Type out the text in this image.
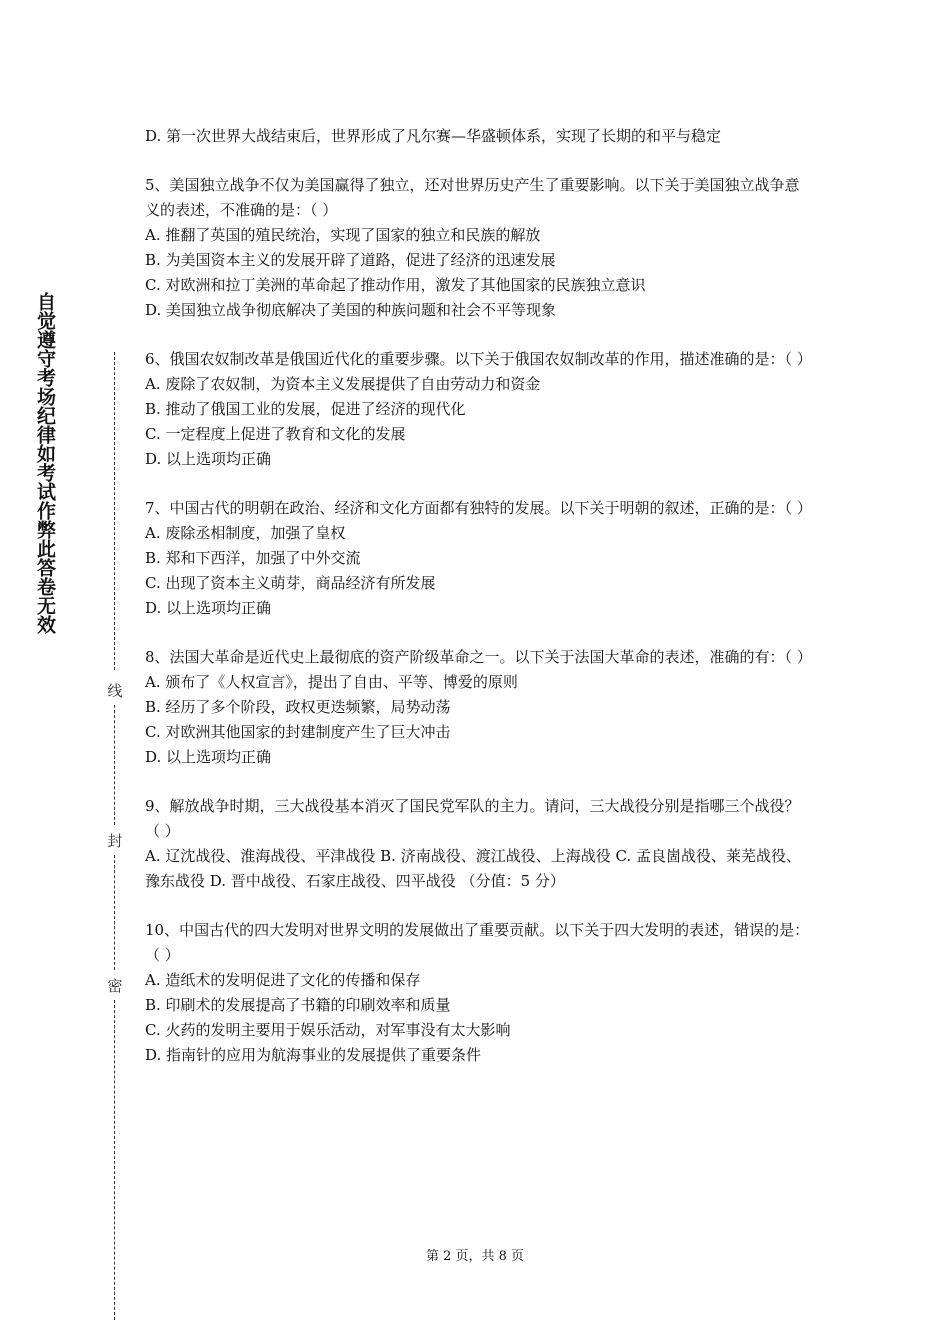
自觉遵守考场纪律如考试作弊此答卷无效
线
封
密
D. 第一次世界大战结束后，世界形成了凡尔赛—华盛顿体系，实现了长期的和平与稳定
5、美国独立战争不仅为美国赢得了独立，还对世界历史产生了重要影响。以下关于美国独立战争意义的表述，不准确的是：（ ）
A. 推翻了英国的殖民统治，实现了国家的独立和民族的解放
B. 为美国资本主义的发展开辟了道路，促进了经济的迅速发展
C. 对欧洲和拉丁美洲的革命起了推动作用，激发了其他国家的民族独立意识
D. 美国独立战争彻底解决了美国的种族问题和社会不平等现象
6、俄国农奴制改革是俄国近代化的重要步骤。以下关于俄国农奴制改革的作用，描述准确的是：（ ）
A. 废除了农奴制，为资本主义发展提供了自由劳动力和资金
B. 推动了俄国工业的发展，促进了经济的现代化
C. 一定程度上促进了教育和文化的发展
D. 以上选项均正确
7、中国古代的明朝在政治、经济和文化方面都有独特的发展。以下关于明朝的叙述，正确的是：（ ）
A. 废除丞相制度，加强了皇权
B. 郑和下西洋，加强了中外交流
C. 出现了资本主义萌芽，商品经济有所发展
D. 以上选项均正确
8、法国大革命是近代史上最彻底的资产阶级革命之一。以下关于法国大革命的表述，准确的有：（ ）
A. 颁布了《人权宣言》，提出了自由、平等、博爱的原则
B. 经历了多个阶段，政权更迭频繁，局势动荡
C. 对欧洲其他国家的封建制度产生了巨大冲击
D. 以上选项均正确
9、解放战争时期，三大战役基本消灭了国民党军队的主力。请问，三大战役分别是指哪三个战役？（ ）
A. 辽沈战役、淮海战役、平津战役 B. 济南战役、渡江战役、上海战役 C. 孟良崮战役、莱芜战役、豫东战役 D. 晋中战役、石家庄战役、四平战役 （分值：5 分）
10、中国古代的四大发明对世界文明的发展做出了重要贡献。以下关于四大发明的表述，错误的是：（ ）
A. 造纸术的发明促进了文化的传播和保存
B. 印刷术的发展提高了书籍的印刷效率和质量
C. 火药的发明主要用于娱乐活动，对军事没有太大影响
D. 指南针的应用为航海事业的发展提供了重要条件
第 2 页，共 8 页
